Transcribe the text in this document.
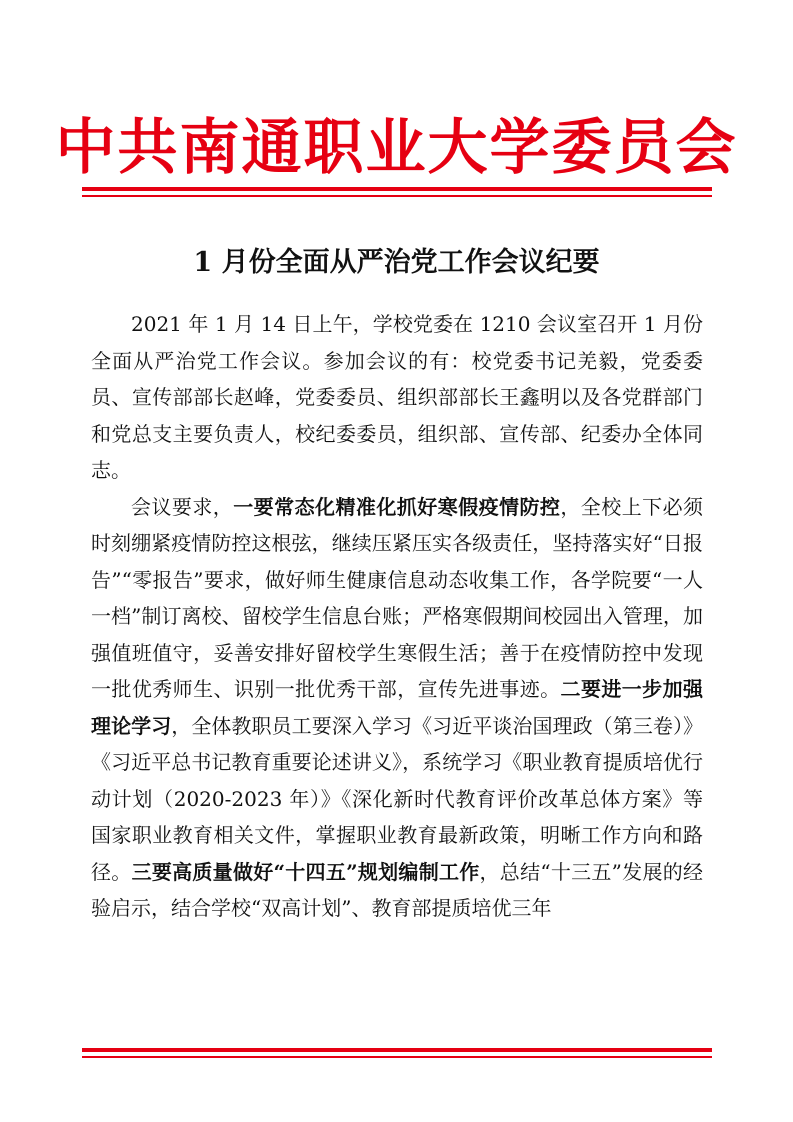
中共南通职业大学委员会
1 月份全面从严治党工作会议纪要

2021 年 1 月 14 日上午，学校党委在 1210 会议室召开 1 月份全面从严治党工作会议。参加会议的有：校党委书记羌毅，党委委员、宣传部部长赵峰，党委委员、组织部部长王鑫明以及各党群部门和党总支主要负责人，校纪委委员，组织部、宣传部、纪委办全体同志。

会议要求，一要常态化精准化抓好寒假疫情防控，全校上下必须时刻绷紧疫情防控这根弦，继续压紧压实各级责任，坚持落实好“日报告”“零报告”要求，做好师生健康信息动态收集工作，各学院要“一人一档”制订离校、留校学生信息台账；严格寒假期间校园出入管理，加强值班值守，妥善安排好留校学生寒假生活；善于在疫情防控中发现一批优秀师生、识别一批优秀干部，宣传先进事迹。二要进一步加强理论学习，全体教职员工要深入学习《习近平谈治国理政（第三卷）》《习近平总书记教育重要论述讲义》，系统学习《职业教育提质培优行动计划（2020-2023 年）》《深化新时代教育评价改革总体方案》等国家职业教育相关文件，掌握职业教育最新政策，明晰工作方向和路径。三要高质量做好“十四五”规划编制工作，总结“十三五”发展的经验启示，结合学校“双高计划”、教育部提质培优三年
